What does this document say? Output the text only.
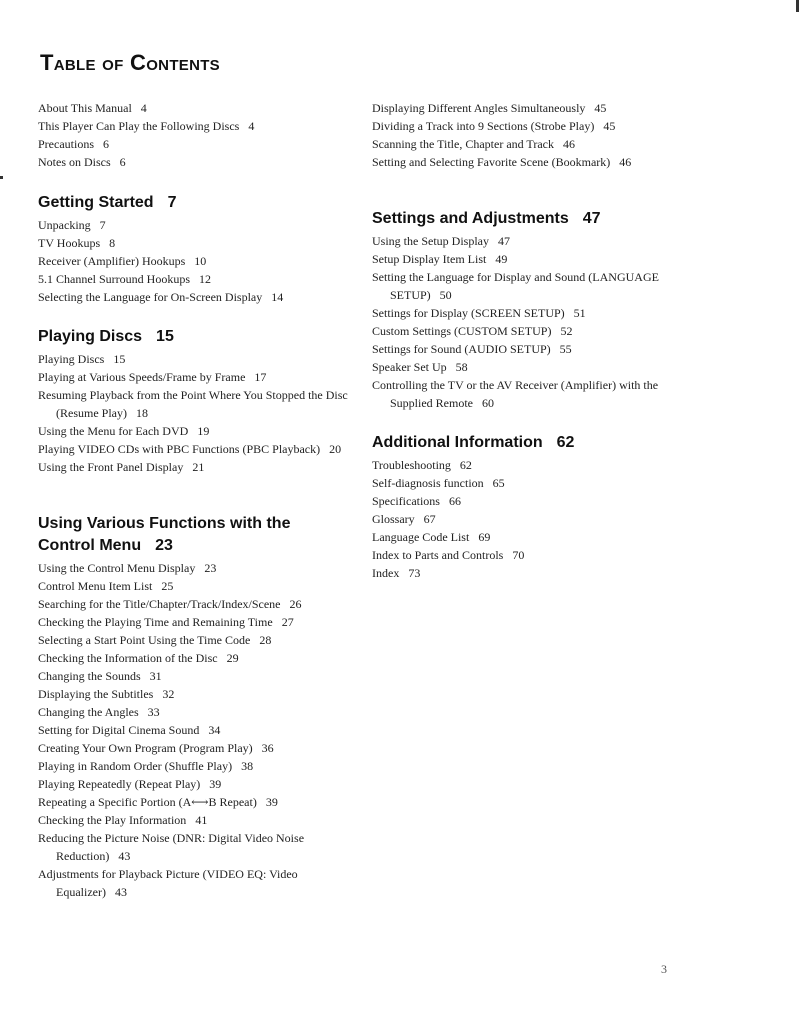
Table of Contents
About This Manual 4
This Player Can Play the Following Discs 4
Precautions 6
Notes on Discs 6
Getting Started 7
Unpacking 7
TV Hookups 8
Receiver (Amplifier) Hookups 10
5.1 Channel Surround Hookups 12
Selecting the Language for On-Screen Display 14
Playing Discs 15
Playing Discs 15
Playing at Various Speeds/Frame by Frame 17
Resuming Playback from the Point Where You Stopped the Disc (Resume Play) 18
Using the Menu for Each DVD 19
Playing VIDEO CDs with PBC Functions (PBC Playback) 20
Using the Front Panel Display 21
Using Various Functions with the Control Menu 23
Using the Control Menu Display 23
Control Menu Item List 25
Searching for the Title/Chapter/Track/Index/Scene 26
Checking the Playing Time and Remaining Time 27
Selecting a Start Point Using the Time Code 28
Checking the Information of the Disc 29
Changing the Sounds 31
Displaying the Subtitles 32
Changing the Angles 33
Setting for Digital Cinema Sound 34
Creating Your Own Program (Program Play) 36
Playing in Random Order (Shuffle Play) 38
Playing Repeatedly (Repeat Play) 39
Repeating a Specific Portion (A⟷B Repeat) 39
Checking the Play Information 41
Reducing the Picture Noise (DNR: Digital Video Noise Reduction) 43
Adjustments for Playback Picture (VIDEO EQ: Video Equalizer) 43
Displaying Different Angles Simultaneously 45
Dividing a Track into 9 Sections (Strobe Play) 45
Scanning the Title, Chapter and Track 46
Setting and Selecting Favorite Scene (Bookmark) 46
Settings and Adjustments 47
Using the Setup Display 47
Setup Display Item List 49
Setting the Language for Display and Sound (LANGUAGE SETUP) 50
Settings for Display (SCREEN SETUP) 51
Custom Settings (CUSTOM SETUP) 52
Settings for Sound (AUDIO SETUP) 55
Speaker Set Up 58
Controlling the TV or the AV Receiver (Amplifier) with the Supplied Remote 60
Additional Information 62
Troubleshooting 62
Self-diagnosis function 65
Specifications 66
Glossary 67
Language Code List 69
Index to Parts and Controls 70
Index 73
3
